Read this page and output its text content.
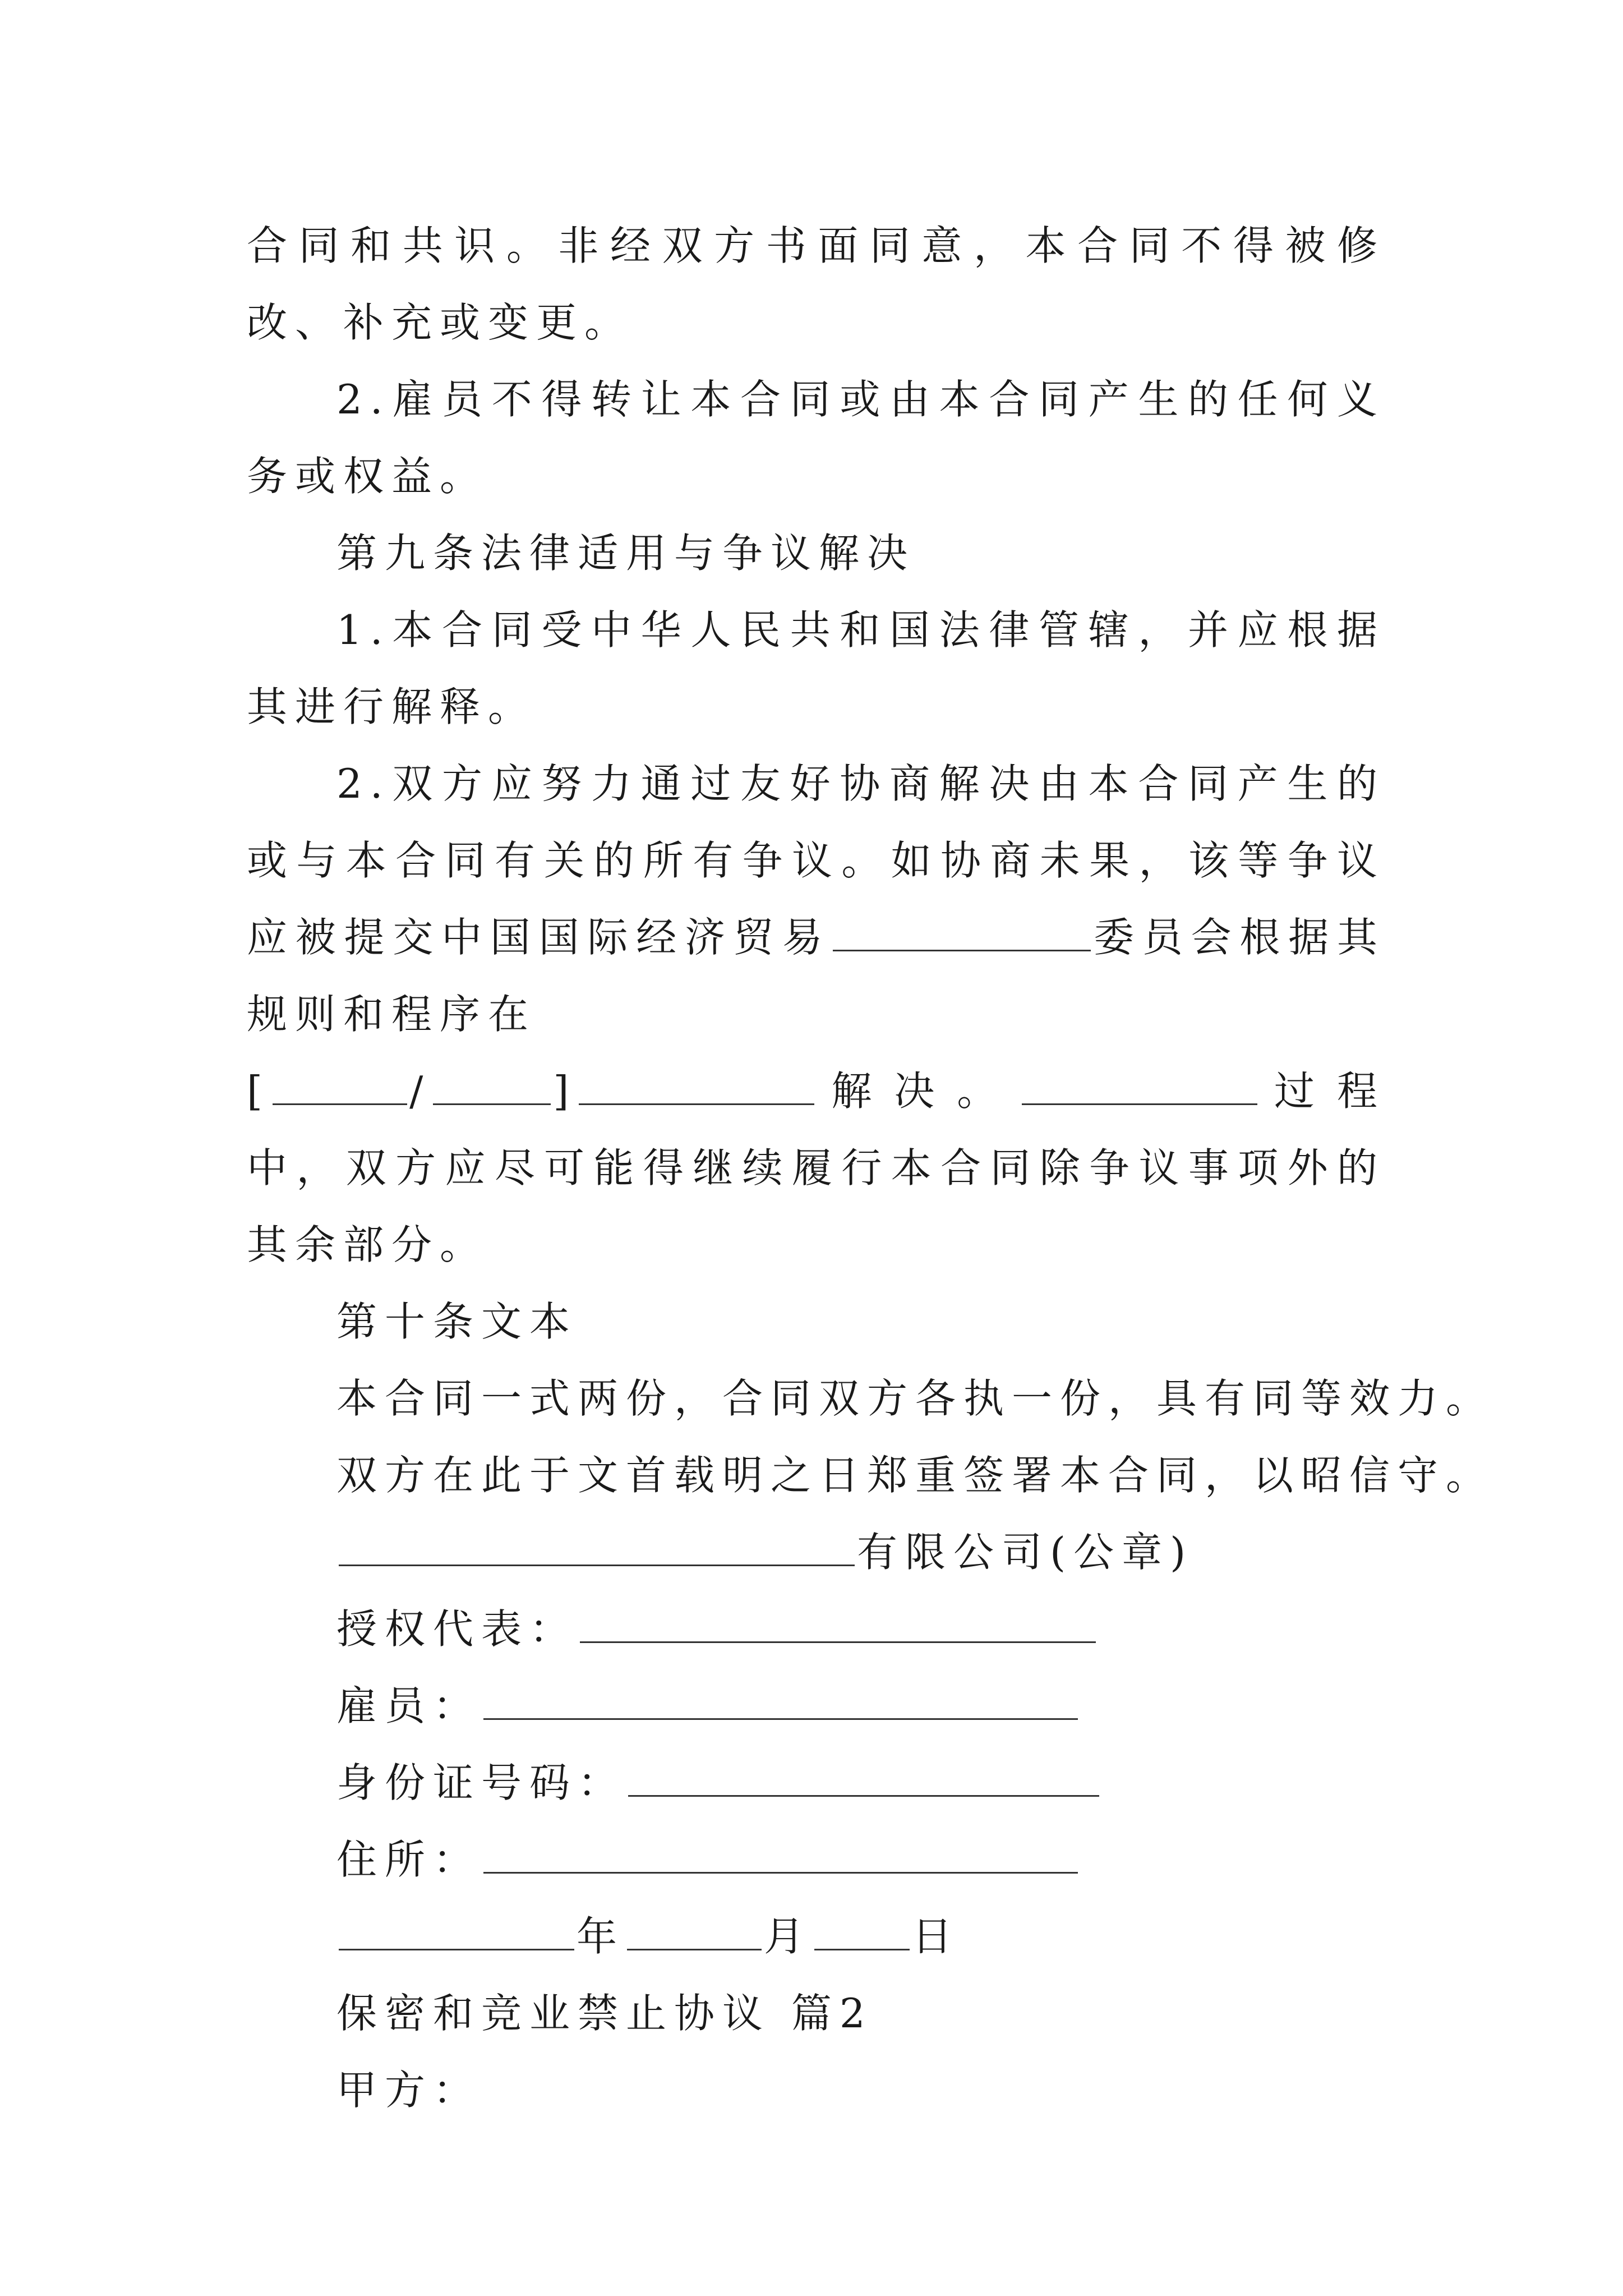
合同和共识。非经双方书面同意，本合同不得被修改、补充或变更。

2.雇员不得转让本合同或由本合同产生的任何义务或权益。

第九条法律适用与争议解决

1.本合同受中华人民共和国法律管辖，并应根据其进行解释。

2.双方应努力通过友好协商解决由本合同产生的或与本合同有关的所有争议。如协商未果，该等争议应被提交中国国际经济贸易	委员会根据其规则和程序在
[	/	]	解决。	过程中，双方应尽可能得继续履行本合同除争议事项外的其余部分。

第十条文本

本合同一式两份，合同双方各执一份，具有同等效力。

双方在此于文首载明之日郑重签署本合同，以昭信守。

有限公司(公章)

授权代表：

雇员：

身份证号码：

住所：

年	月 日

保密和竞业禁止协议 篇2

甲方：
